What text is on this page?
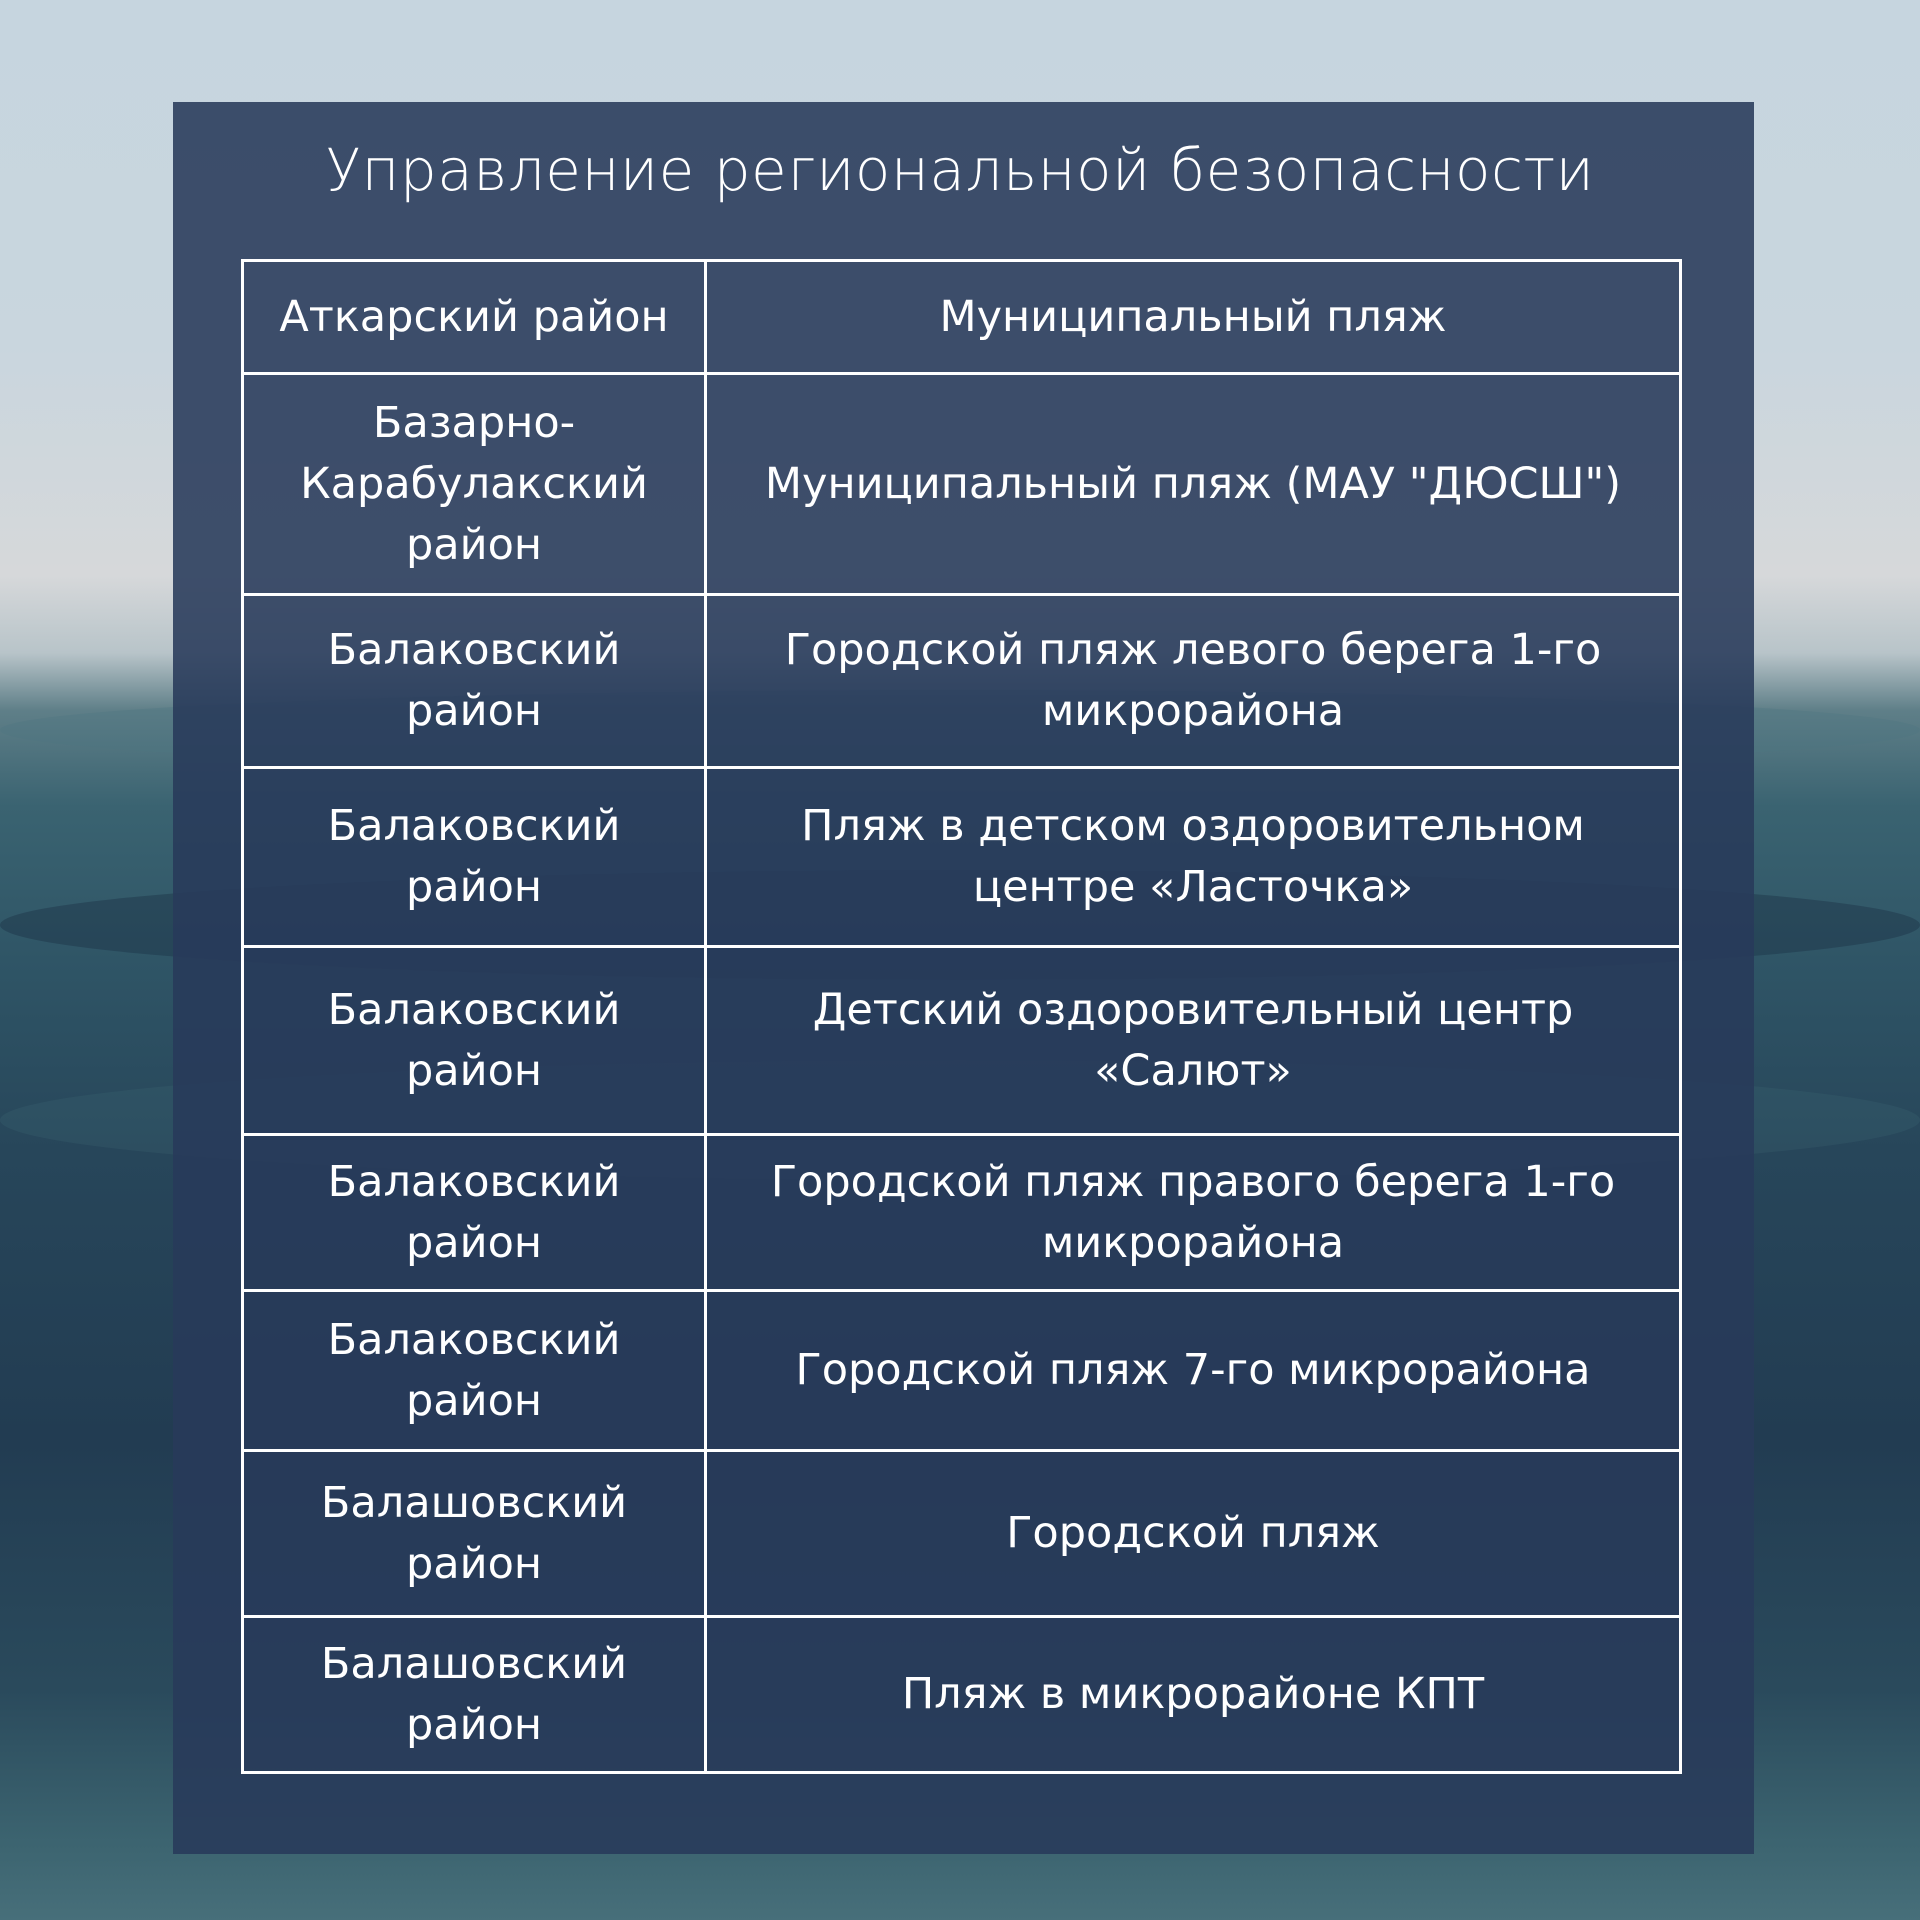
Управление региональной безопасности
Аткарский район	Муниципальный пляж
Базарно-Карабулакский район	Муниципальный пляж (МАУ "ДЮСШ")
Балаковский район	Городской пляж левого берега 1-го микрорайона
Балаковский район	Пляж в детском оздоровительном центре «Ласточка»
Балаковский район	Детский оздоровительный центр «Салют»
Балаковский район	Городской пляж правого берега 1-го микрорайона
Балаковский район	Городской пляж 7-го микрорайона
Балашовский район	Городской пляж
Балашовский район	Пляж в микрорайоне КПТ
